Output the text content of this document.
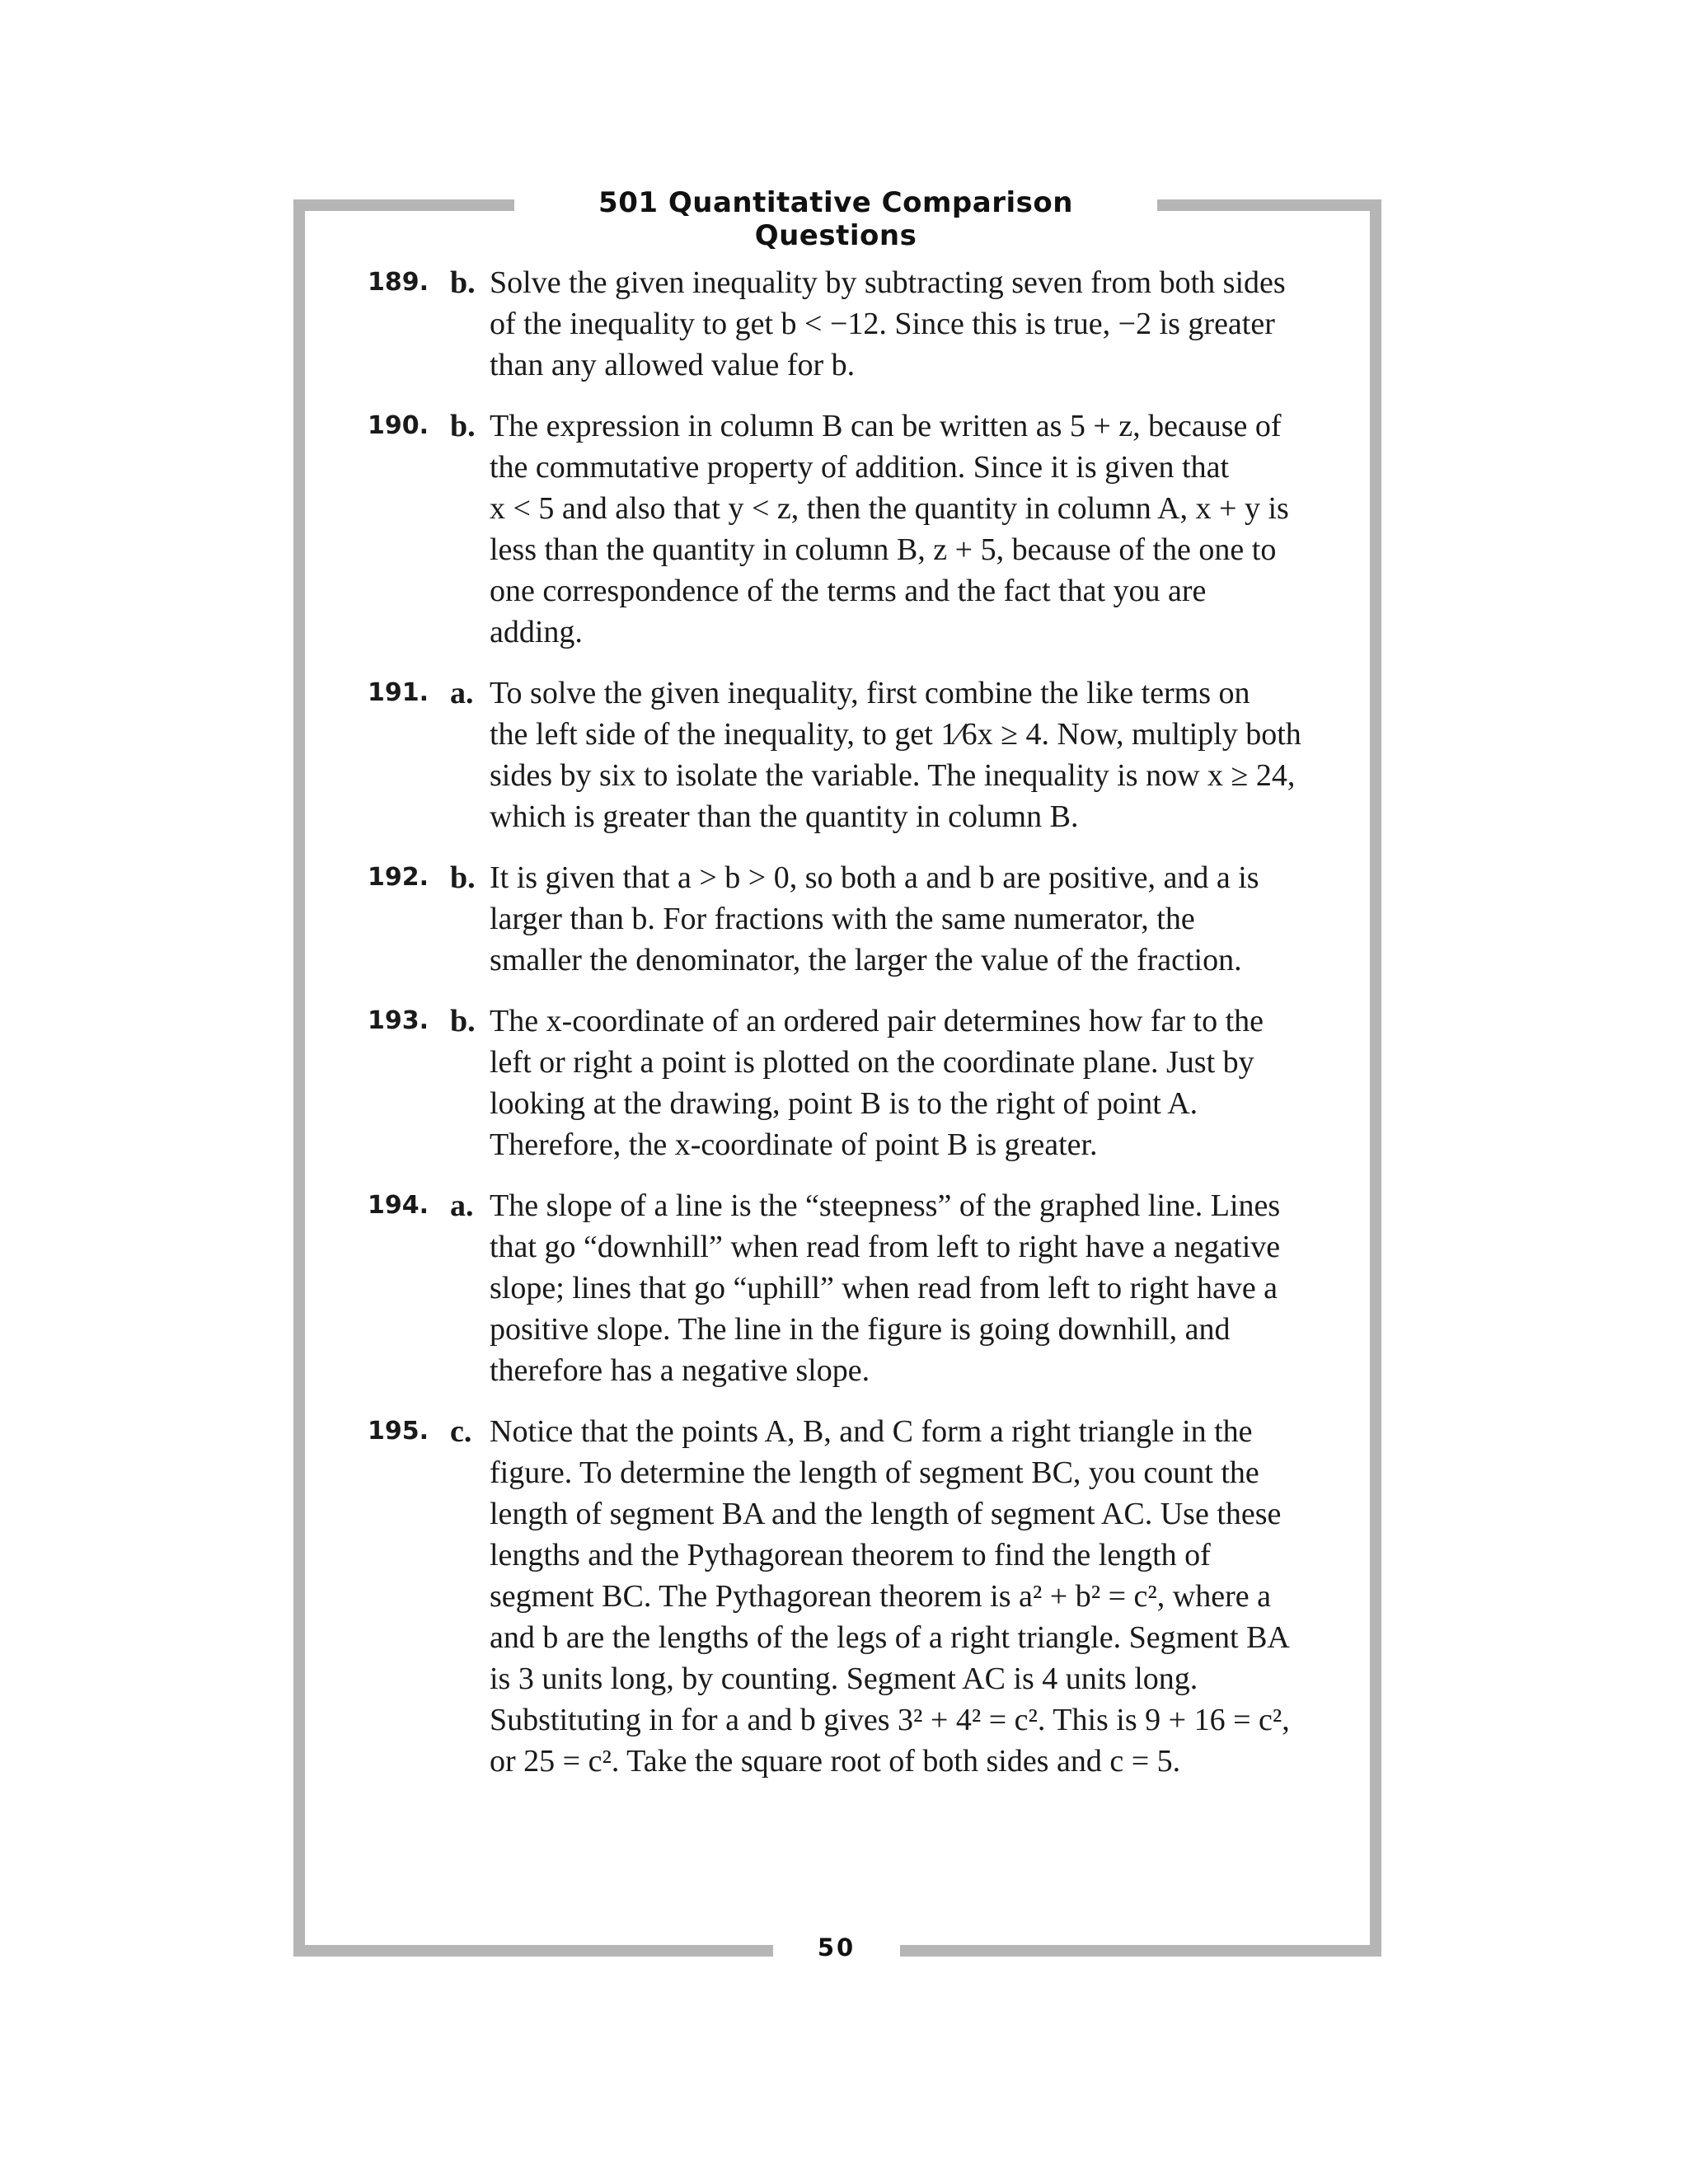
501 Quantitative Comparison Questions
189. b. Solve the given inequality by subtracting seven from both sides
of the inequality to get b < −12. Since this is true, −2 is greater
than any allowed value for b.
190. b. The expression in column B can be written as 5 + z, because of
the commutative property of addition. Since it is given that
x < 5 and also that y < z, then the quantity in column A, x + y is
less than the quantity in column B, z + 5, because of the one to
one correspondence of the terms and the fact that you are
adding.
191. a. To solve the given inequality, first combine the like terms on
the left side of the inequality, to get 1⁄6x ≥ 4. Now, multiply both
sides by six to isolate the variable. The inequality is now x ≥ 24,
which is greater than the quantity in column B.
192. b. It is given that a > b > 0, so both a and b are positive, and a is
larger than b. For fractions with the same numerator, the
smaller the denominator, the larger the value of the fraction.
193. b. The x-coordinate of an ordered pair determines how far to the
left or right a point is plotted on the coordinate plane. Just by
looking at the drawing, point B is to the right of point A.
Therefore, the x-coordinate of point B is greater.
194. a. The slope of a line is the “steepness” of the graphed line. Lines
that go “downhill” when read from left to right have a negative
slope; lines that go “uphill” when read from left to right have a
positive slope. The line in the figure is going downhill, and
therefore has a negative slope.
195. c. Notice that the points A, B, and C form a right triangle in the
figure. To determine the length of segment BC, you count the
length of segment BA and the length of segment AC. Use these
lengths and the Pythagorean theorem to find the length of
segment BC. The Pythagorean theorem is a² + b² = c², where a
and b are the lengths of the legs of a right triangle. Segment BA
is 3 units long, by counting. Segment AC is 4 units long.
Substituting in for a and b gives 3² + 4² = c². This is 9 + 16 = c²,
or 25 = c². Take the square root of both sides and c = 5.
50
